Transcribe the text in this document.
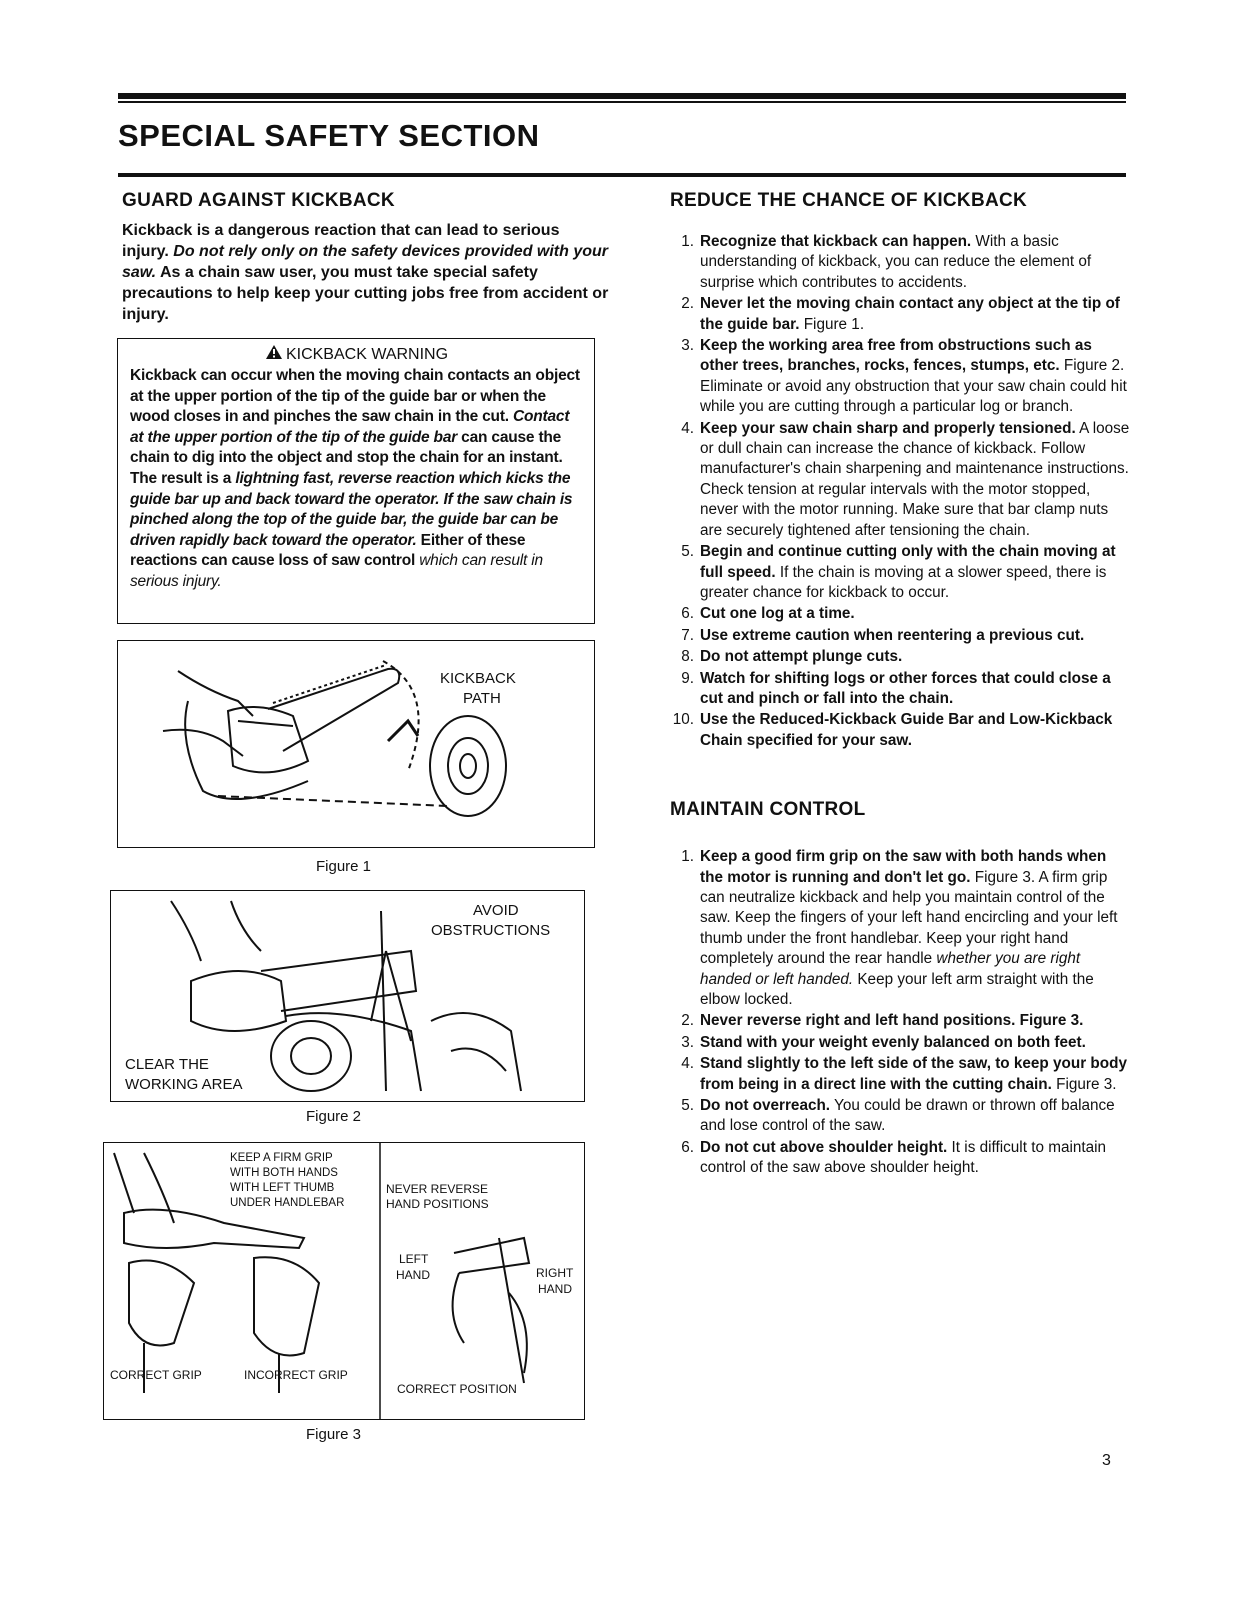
SPECIAL SAFETY SECTION
GUARD AGAINST KICKBACK

Kickback is a dangerous reaction that can lead to serious injury. Do not rely only on the safety devices provided with your saw. As a chain saw user, you must take special safety precautions to help keep your cutting jobs free from accident or injury.

KICKBACK WARNING

Kickback can occur when the moving chain contacts an object at the upper portion of the tip of the guide bar or when the wood closes in and pinches the saw chain in the cut. Contact at the upper portion of the tip of the guide bar can cause the chain to dig into the object and stop the chain for an instant. The result is a lightning fast, reverse reaction which kicks the guide bar up and back toward the operator. If the saw chain is pinched along the top of the guide bar, the guide bar can be driven rapidly back toward the operator. Either of these reactions can cause loss of saw control which can result in serious injury.

KICKBACK
PATH
Figure 1
AVOID
OBSTRUCTIONS
CLEAR THE
WORKING AREA
Figure 2
KEEP A FIRM GRIP
WITH BOTH HANDS
WITH LEFT THUMB
UNDER HANDLEBAR
NEVER REVERSE
HAND POSITIONS
LEFT
HAND	RIGHT
HAND
CORRECT GRIP	INCORRECT GRIP
CORRECT POSITION
Figure 3
REDUCE THE CHANCE OF KICKBACK
1. Recognize that kickback can happen. With a basic understanding of kickback, you can reduce the element of surprise which contributes to accidents.
2. Never let the moving chain contact any object at the tip of the guide bar. Figure 1.
3. Keep the working area free from obstructions such as other trees, branches, rocks, fences, stumps, etc. Figure 2. Eliminate or avoid any obstruction that your saw chain could hit while you are cutting through a particular log or branch.
4. Keep your saw chain sharp and properly tensioned. A loose or dull chain can increase the chance of kickback. Follow manufacturer's chain sharpening and maintenance instructions. Check tension at regular intervals with the motor stopped, never with the motor running. Make sure that bar clamp nuts are securely tightened after tensioning the chain.
5. Begin and continue cutting only with the chain moving at full speed. If the chain is moving at a slower speed, there is greater chance for kickback to occur.
6. Cut one log at a time.
7. Use extreme caution when reentering a previous cut.
8. Do not attempt plunge cuts.
9. Watch for shifting logs or other forces that could close a cut and pinch or fall into the chain.
10. Use the Reduced-Kickback Guide Bar and Low-Kickback Chain specified for your saw.
MAINTAIN CONTROL
1. Keep a good firm grip on the saw with both hands when the motor is running and don't let go. Figure 3. A firm grip can neutralize kickback and help you maintain control of the saw. Keep the fingers of your left hand encircling and your left thumb under the front handlebar. Keep your right hand completely around the rear handle whether you are right handed or left handed. Keep your left arm straight with the elbow locked.
2. Never reverse right and left hand positions. Figure 3.
3. Stand with your weight evenly balanced on both feet.
4. Stand slightly to the left side of the saw, to keep your body from being in a direct line with the cutting chain. Figure 3.
5. Do not overreach. You could be drawn or thrown off balance and lose control of the saw.
6. Do not cut above shoulder height. It is difficult to maintain control of the saw above shoulder height.
3
